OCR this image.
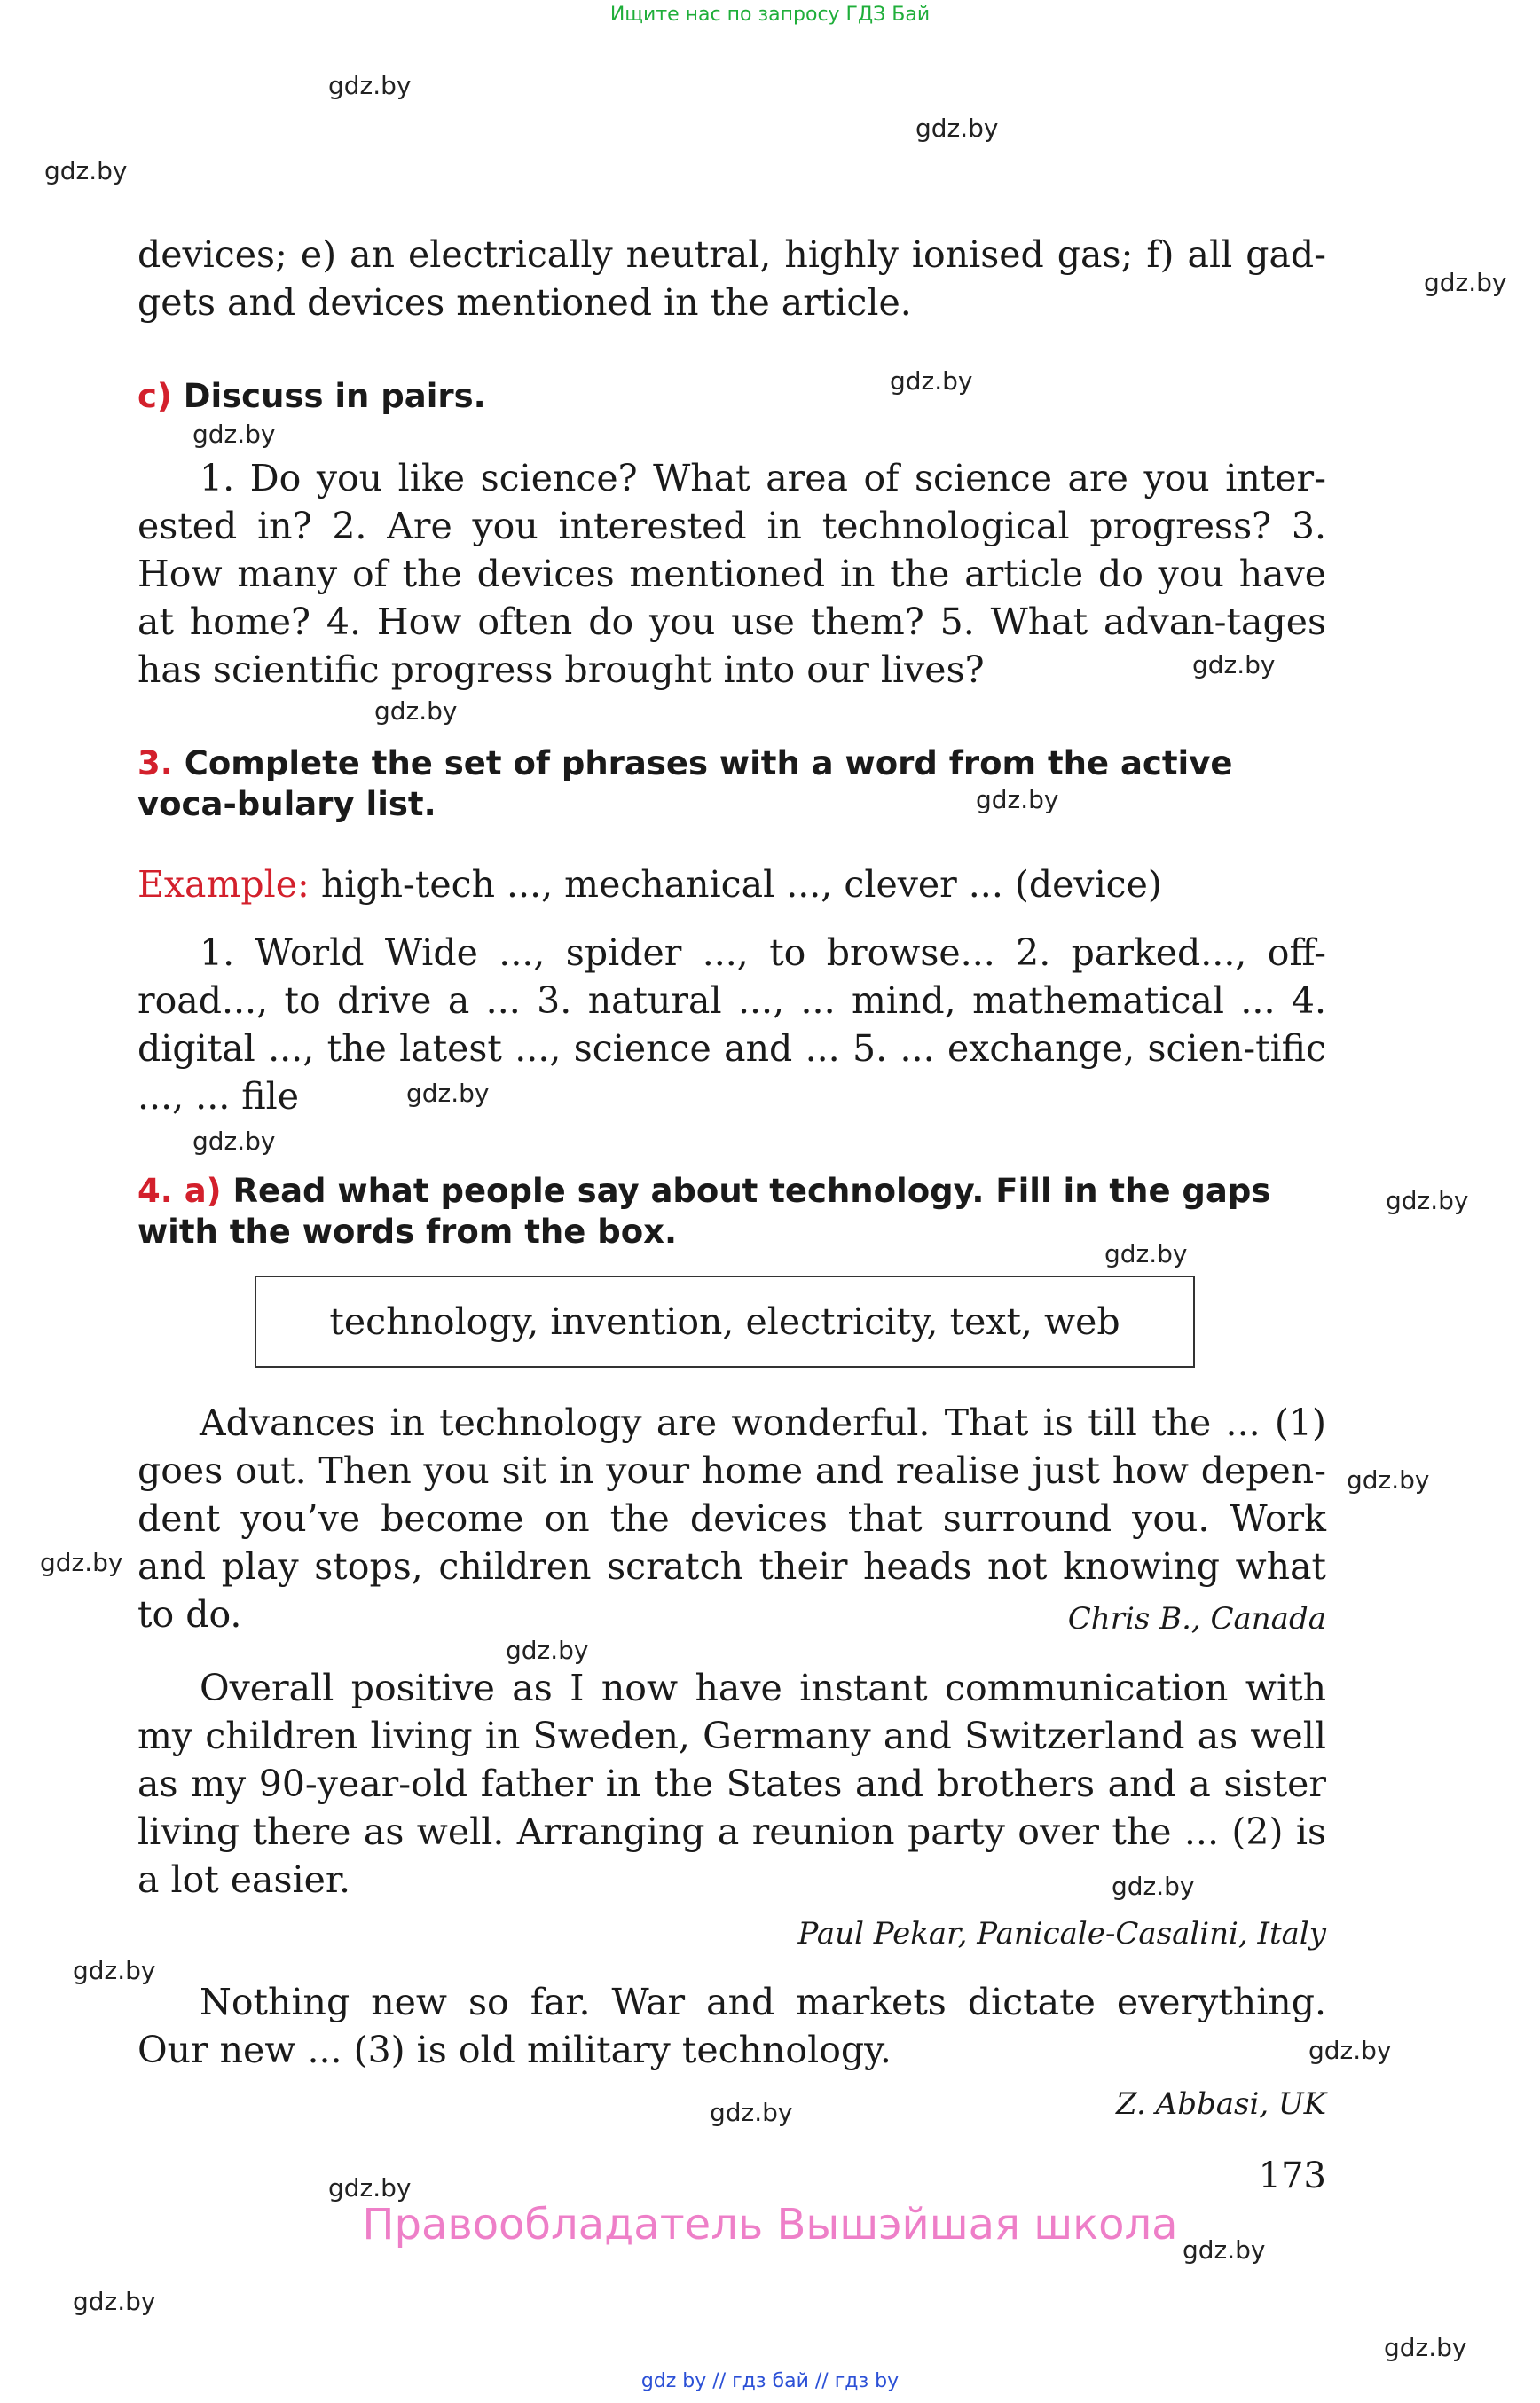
Ищите нас по запросу ГДЗ Бай
gdz.by
gdz.by
gdz.by
gdz.by
gdz.by
gdz.by
gdz.by
gdz.by
gdz.by
gdz.by
gdz.by
gdz.by
gdz.by
gdz.by
gdz.by
gdz.by
gdz.by
gdz.by
gdz.by
gdz.by
gdz.by
gdz.by
gdz.by
gdz.by

devices; e) an electrically neutral, highly ionised gas; f) all gad-gets and devices mentioned in the article.

c) Discuss in pairs.

1. Do you like science? What area of science are you inter-ested in? 2. Are you interested in technological progress? 3. How many of the devices mentioned in the article do you have at home? 4. How often do you use them? 5. What advan-tages has scientific progress brought into our lives?

3. Complete the set of phrases with a word from the active voca-bulary list.

Example: high-tech ..., mechanical ..., clever ... (device)

1. World Wide ..., spider ..., to browse... 2. parked..., off-road..., to drive a ... 3. natural ..., ... mind, mathematical ... 4. digital ..., the latest ..., science and ... 5. ... exchange, scien-tific ..., ... file

4. a) Read what people say about technology. Fill in the gaps with the words from the box.

technology, invention, electricity, text, web

Advances in technology are wonderful. That is till the ... (1) goes out. Then you sit in your home and realise just how depen-dent you’ve become on the devices that surround you. Work and play stops, children scratch their heads not knowing what to do.	Chris B., Canada

Overall positive as I now have instant communication with my children living in Sweden, Germany and Switzerland as well as my 90-year-old father in the States and brothers and a sister living there as well. Arranging a reunion party over the ... (2) is a lot easier.

Paul Pekar, Panicale-Casalini, Italy

Nothing new so far. War and markets dictate everything. Our new ... (3) is old military technology.

Z. Abbasi, UK
173
Правообладатель Вышэйшая школа
gdz by // гдз бай // гдз by
